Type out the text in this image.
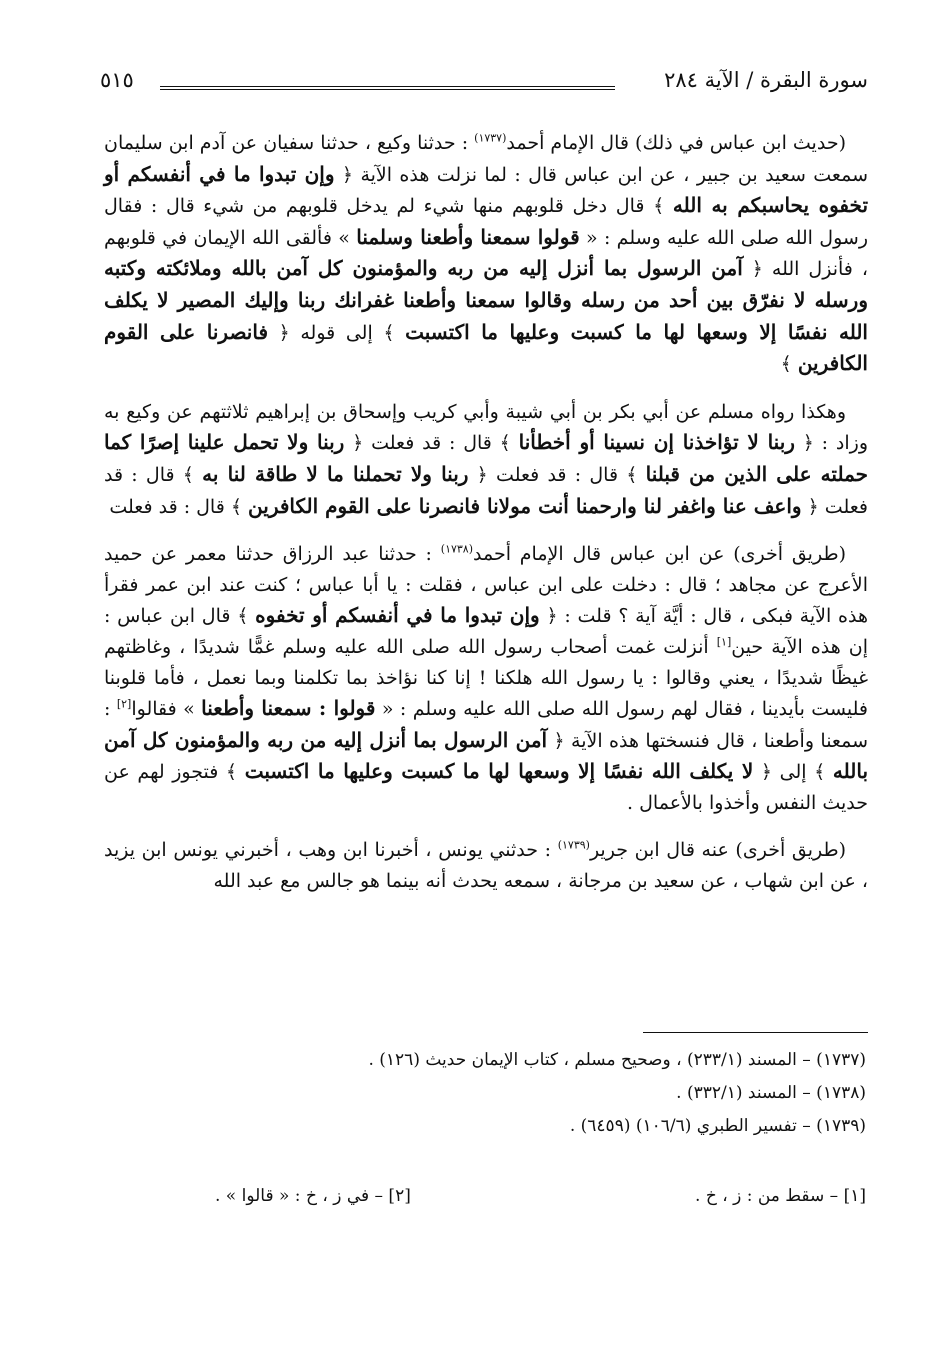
سورة البقرة / الآية ٢٨٤
٥١٥

(حديث ابن عباس في ذلك) قال الإمام أحمد$^{(١٧٣٧)}$ : حدثنا وكيع ، حدثنا سفيان عن آدم ابن سليمان سمعت سعيد بن جبير ، عن ابن عباس قال : لما نزلت هذه الآية ﴿ وإن تبدوا ما في أنفسكم أو تخفوه يحاسبكم به الله ﴾ قال دخل قلوبهم منها شيء لم يدخل قلوبهم من شيء قال : فقال رسول الله صلى الله عليه وسلم : « قولوا سمعنا وأطعنا وسلمنا » فألقى الله الإيمان في قلوبهم ، فأنزل الله ﴿ آمن الرسول بما أنزل إليه من ربه والمؤمنون كل آمن بالله وملائكته وكتبه ورسله لا نفرّق بين أحد من رسله وقالوا سمعنا وأطعنا غفرانك ربنا وإليك المصير لا يكلف الله نفسًا إلا وسعها لها ما كسبت وعليها ما اكتسبت ﴾ إلى قوله ﴿ فانصرنا على القوم الكافرين ﴾

وهكذا رواه مسلم عن أبي بكر بن أبي شيبة وأبي كريب وإسحاق بن إبراهيم ثلاثتهم عن وكيع به وزاد : ﴿ ربنا لا تؤاخذنا إن نسينا أو أخطأنا ﴾ قال : قد فعلت ﴿ ربنا ولا تحمل علينا إصرًا كما حملته على الذين من قبلنا ﴾ قال : قد فعلت ﴿ ربنا ولا تحملنا ما لا طاقة لنا به ﴾ قال : قد فعلت ﴿ واعف عنا واغفر لنا وارحمنا أنت مولانا فانصرنا على القوم الكافرين ﴾ قال : قد فعلت

(طريق أخرى) عن ابن عباس قال الإمام أحمد$^{(١٧٣٨)}$ : حدثنا عبد الرزاق حدثنا معمر عن حميد الأعرج عن مجاهد ؛ قال : دخلت على ابن عباس ، فقلت : يا أبا عباس ؛ كنت عند ابن عمر فقرأ هذه الآية فبكى ، قال : أيَّة آية ؟ قلت : ﴿ وإن تبدوا ما في أنفسكم أو تخفوه ﴾ قال ابن عباس : إن هذه الآية حين[١] أنزلت غمت أصحاب رسول الله صلى الله عليه وسلم غمًّا شديدًا ، وغاظتهم غيظًا شديدًا ، يعني وقالوا : يا رسول الله هلكنا ! إنا كنا نؤاخذ بما تكلمنا وبما نعمل ، فأما قلوبنا فليست بأيدينا ، فقال لهم رسول الله صلى الله عليه وسلم : « قولوا : سمعنا وأطعنا » فقالوا[٢] : سمعنا وأطعنا ، قال فنسختها هذه الآية ﴿ آمن الرسول بما أنزل إليه من ربه والمؤمنون كل آمن بالله ﴾ إلى ﴿ لا يكلف الله نفسًا إلا وسعها لها ما كسبت وعليها ما اكتسبت ﴾ فتجوز لهم عن حديث النفس وأخذوا بالأعمال .

(طريق أخرى) عنه قال ابن جرير$^{(١٧٣٩)}$ : حدثني يونس ، أخبرنا ابن وهب ، أخبرني يونس ابن يزيد ، عن ابن شهاب ، عن سعيد بن مرجانة ، سمعه يحدث أنه بينما هو جالس مع عبد الله

(١٧٣٧) – المسند (٢٣٣/١) ، وصحيح مسلم ، كتاب الإيمان حديث (١٢٦) .
(١٧٣٨) – المسند (٣٣٢/١) .
(١٧٣٩) – تفسير الطبري (١٠٦/٦) (٦٤٥٩) .
[١] – سقط من : ز ، خ .
[٢] – في ز ، خ : « قالوا » .
